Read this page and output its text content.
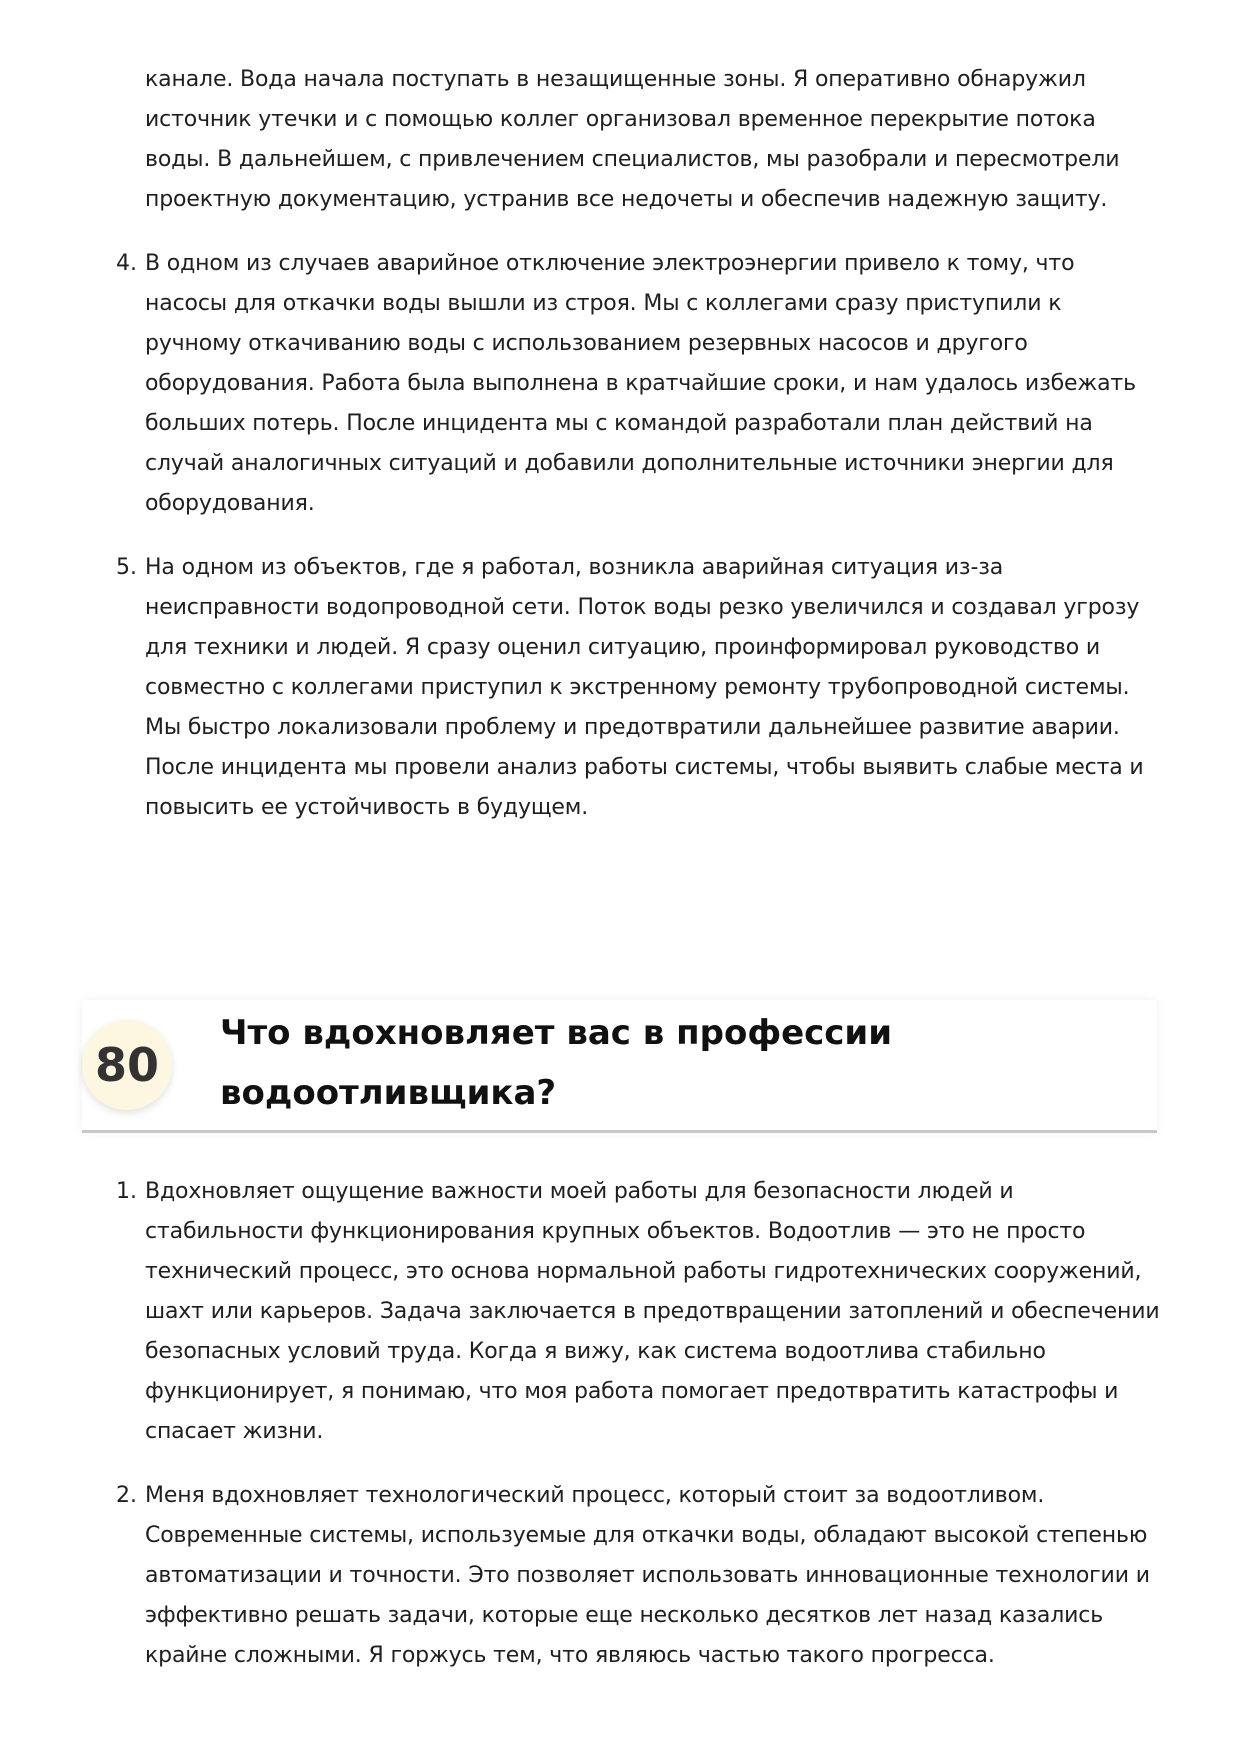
канале. Вода начала поступать в незащищенные зоны. Я оперативно обнаружил
источник утечки и с помощью коллег организовал временное перекрытие потока
воды. В дальнейшем, с привлечением специалистов, мы разобрали и пересмотрели
проектную документацию, устранив все недочеты и обеспечив надежную защиту.
4. В одном из случаев аварийное отключение электроэнергии привело к тому, что
насосы для откачки воды вышли из строя. Мы с коллегами сразу приступили к
ручному откачиванию воды с использованием резервных насосов и другого
оборудования. Работа была выполнена в кратчайшие сроки, и нам удалось избежать
больших потерь. После инцидента мы с командой разработали план действий на
случай аналогичных ситуаций и добавили дополнительные источники энергии для
оборудования.
5. На одном из объектов, где я работал, возникла аварийная ситуация из-за
неисправности водопроводной сети. Поток воды резко увеличился и создавал угрозу
для техники и людей. Я сразу оценил ситуацию, проинформировал руководство и
совместно с коллегами приступил к экстренному ремонту трубопроводной системы.
Мы быстро локализовали проблему и предотвратили дальнейшее развитие аварии.
После инцидента мы провели анализ работы системы, чтобы выявить слабые места и
повысить ее устойчивость в будущем.
80
Что вдохновляет вас в профессии
водоотливщика?
1. Вдохновляет ощущение важности моей работы для безопасности людей и
стабильности функционирования крупных объектов. Водоотлив — это не просто
технический процесс, это основа нормальной работы гидротехнических сооружений,
шахт или карьеров. Задача заключается в предотвращении затоплений и обеспечении
безопасных условий труда. Когда я вижу, как система водоотлива стабильно
функционирует, я понимаю, что моя работа помогает предотвратить катастрофы и
спасает жизни.
2. Меня вдохновляет технологический процесс, который стоит за водоотливом.
Современные системы, используемые для откачки воды, обладают высокой степенью
автоматизации и точности. Это позволяет использовать инновационные технологии и
эффективно решать задачи, которые еще несколько десятков лет назад казались
крайне сложными. Я горжусь тем, что являюсь частью такого прогресса.
